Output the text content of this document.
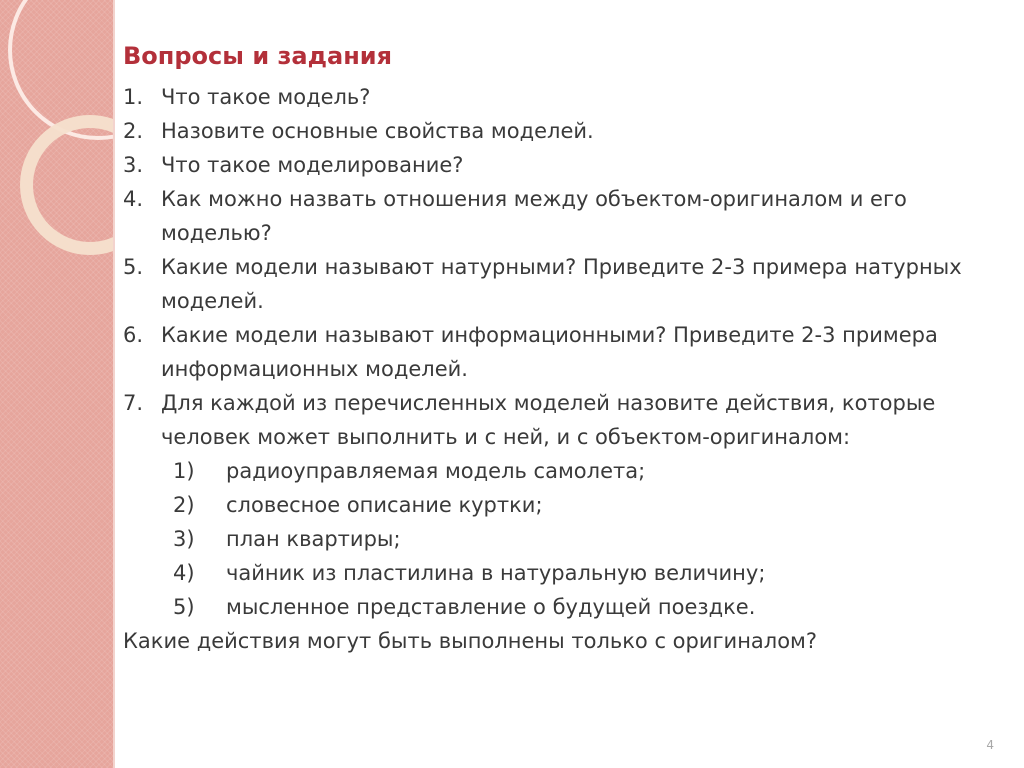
Вопросы и задания
1. Что такое модель?
2. Назовите основные свойства моделей.
3. Что такое моделирование?
4. Как можно назвать отношения между объектом-оригиналом и его моделью?
5. Какие модели называют натурными? Приведите 2-3 примера натурных моделей.
6. Какие модели называют информационными? Приведите 2-3 примера информационных моделей.
7. Для каждой из перечисленных моделей назовите действия, которые человек может выполнить и с ней, и с объектом-оригиналом:
1) радиоуправляемая модель самолета;
2) словесное описание куртки;
3) план квартиры;
4) чайник из пластилина в натуральную величину;
5) мысленное представление о будущей поездке.

Какие действия могут быть выполнены только с оригиналом?

4
